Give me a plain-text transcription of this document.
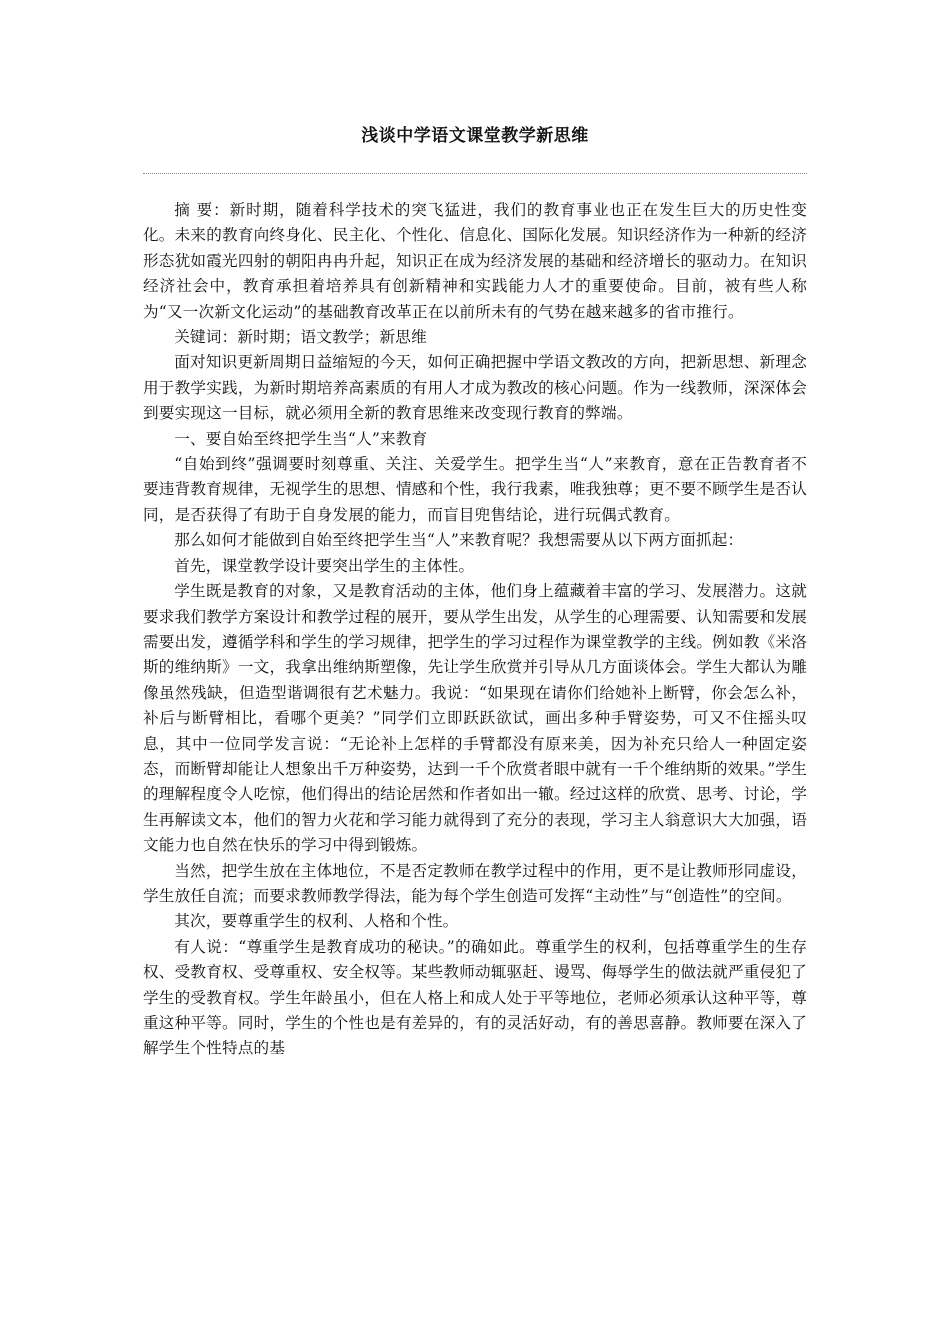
浅谈中学语文课堂教学新思维

摘 要：新时期，随着科学技术的突飞猛进，我们的教育事业也正在发生巨大的历史性变化。未来的教育向终身化、民主化、个性化、信息化、国际化发展。知识经济作为一种新的经济形态犹如霞光四射的朝阳冉冉升起，知识正在成为经济发展的基础和经济增长的驱动力。在知识经济社会中，教育承担着培养具有创新精神和实践能力人才的重要使命。目前，被有些人称为“又一次新文化运动”的基础教育改革正在以前所未有的气势在越来越多的省市推行。

关键词：新时期；语文教学；新思维

面对知识更新周期日益缩短的今天，如何正确把握中学语文教改的方向，把新思想、新理念用于教学实践，为新时期培养高素质的有用人才成为教改的核心问题。作为一线教师，深深体会到要实现这一目标，就必须用全新的教育思维来改变现行教育的弊端。

一、要自始至终把学生当“人”来教育

“自始到终”强调要时刻尊重、关注、关爱学生。把学生当“人”来教育，意在正告教育者不要违背教育规律，无视学生的思想、情感和个性，我行我素，唯我独尊；更不要不顾学生是否认同，是否获得了有助于自身发展的能力，而盲目兜售结论，进行玩偶式教育。

那么如何才能做到自始至终把学生当“人”来教育呢？我想需要从以下两方面抓起：

首先，课堂教学设计要突出学生的主体性。

学生既是教育的对象，又是教育活动的主体，他们身上蕴藏着丰富的学习、发展潜力。这就要求我们教学方案设计和教学过程的展开，要从学生出发，从学生的心理需要、认知需要和发展需要出发，遵循学科和学生的学习规律，把学生的学习过程作为课堂教学的主线。例如教《米洛斯的维纳斯》一文，我拿出维纳斯塑像，先让学生欣赏并引导从几方面谈体会。学生大都认为雕像虽然残缺，但造型谐调很有艺术魅力。我说：“如果现在请你们给她补上断臂，你会怎么补，补后与断臂相比，看哪个更美？”同学们立即跃跃欲试，画出多种手臂姿势，可又不住摇头叹息，其中一位同学发言说：“无论补上怎样的手臂都没有原来美，因为补充只给人一种固定姿态，而断臂却能让人想象出千万种姿势，达到一千个欣赏者眼中就有一千个维纳斯的效果。”学生的理解程度令人吃惊，他们得出的结论居然和作者如出一辙。经过这样的欣赏、思考、讨论，学生再解读文本，他们的智力火花和学习能力就得到了充分的表现，学习主人翁意识大大加强，语文能力也自然在快乐的学习中得到锻炼。

当然，把学生放在主体地位，不是否定教师在教学过程中的作用，更不是让教师形同虚设，学生放任自流；而要求教师教学得法，能为每个学生创造可发挥“主动性”与“创造性”的空间。

其次，要尊重学生的权利、人格和个性。

有人说：“尊重学生是教育成功的秘诀。”的确如此。尊重学生的权利，包括尊重学生的生存权、受教育权、受尊重权、安全权等。某些教师动辄驱赶、谩骂、侮辱学生的做法就严重侵犯了学生的受教育权。学生年龄虽小，但在人格上和成人处于平等地位，老师必须承认这种平等，尊重这种平等。同时，学生的个性也是有差异的，有的灵活好动，有的善思喜静。教师要在深入了解学生个性特点的基
